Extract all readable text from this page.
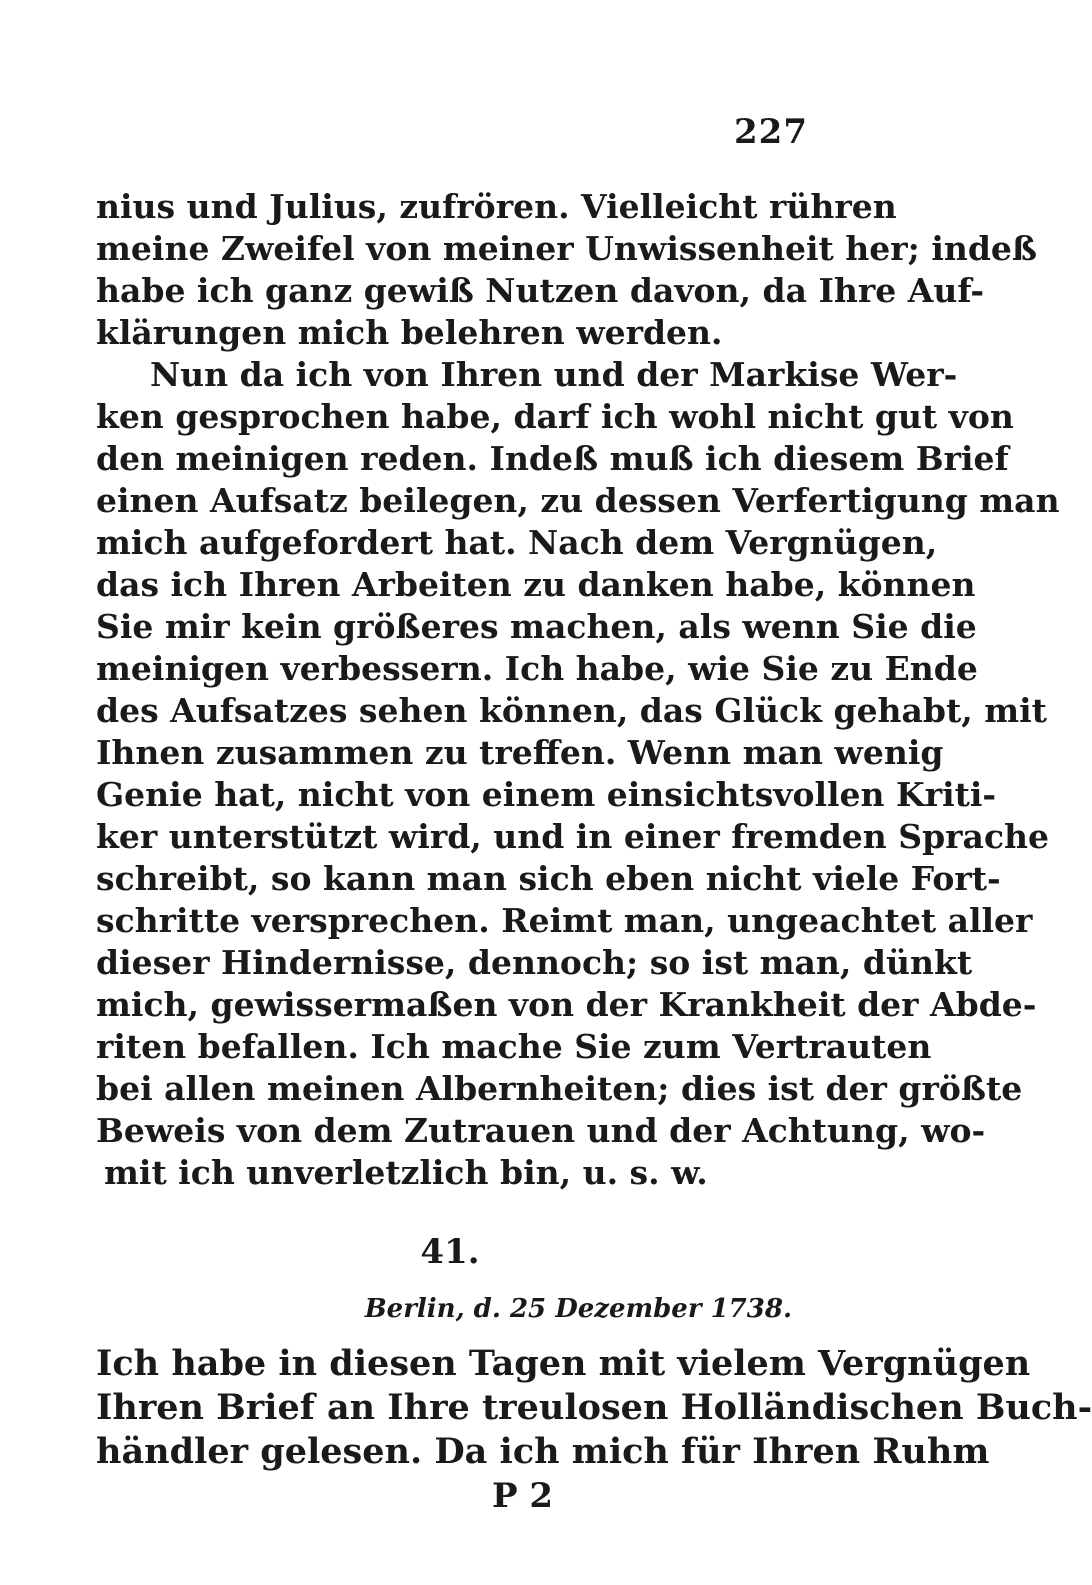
227
nius und Julius, zufrören. Vielleicht rühren
meine Zweifel von meiner Unwissenheit her; indeß
habe ich ganz gewiß Nutzen davon, da Ihre Auf-
klärungen mich belehren werden.
Nun da ich von Ihren und der Markise Wer-
ken gesprochen habe, darf ich wohl nicht gut von
den meinigen reden. Indeß muß ich diesem Brief
einen Aufsatz beilegen, zu dessen Verfertigung man
mich aufgefordert hat. Nach dem Vergnügen,
das ich Ihren Arbeiten zu danken habe, können
Sie mir kein größeres machen, als wenn Sie die
meinigen verbessern. Ich habe, wie Sie zu Ende
des Aufsatzes sehen können, das Glück gehabt, mit
Ihnen zusammen zu treffen. Wenn man wenig
Genie hat, nicht von einem einsichtsvollen Kriti-
ker unterstützt wird, und in einer fremden Sprache
schreibt, so kann man sich eben nicht viele Fort-
schritte versprechen. Reimt man, ungeachtet aller
dieser Hindernisse, dennoch; so ist man, dünkt
mich, gewissermaßen von der Krankheit der Abde-
riten befallen. Ich mache Sie zum Vertrauten
bei allen meinen Albernheiten; dies ist der größte
Beweis von dem Zutrauen und der Achtung, wo-
mit ich unverletzlich bin, u. s. w.
41.
Berlin, d. 25 Dezember 1738.
Ich habe in diesen Tagen mit vielem Vergnügen
Ihren Brief an Ihre treulosen Holländischen Buch-
händler gelesen. Da ich mich für Ihren Ruhm
P 2
